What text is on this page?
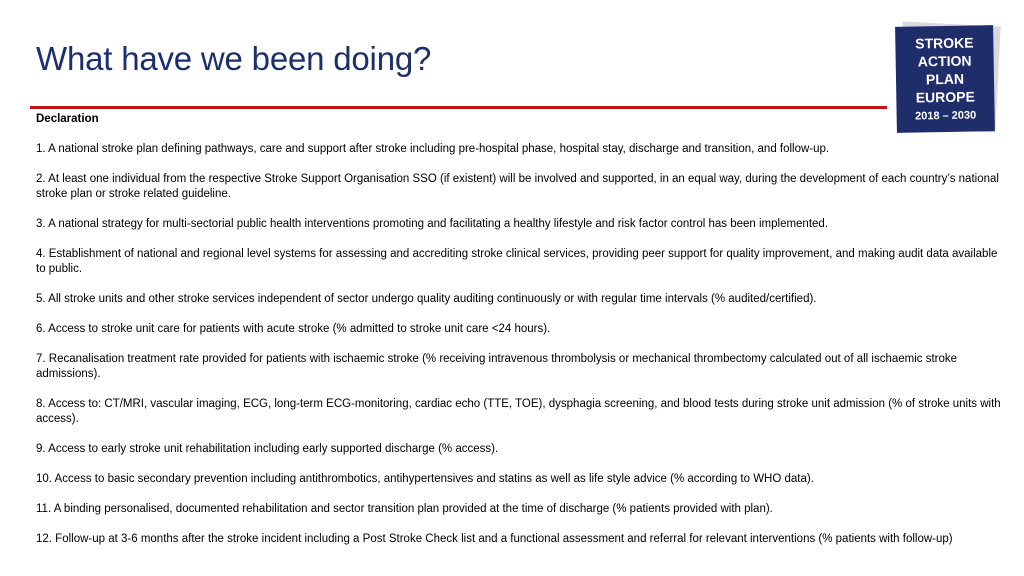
What have we been doing?	STROKE
ACTION
PLAN
EUROPE
2018 – 2030

Declaration

1. A national stroke plan defining pathways, care and support after stroke including pre-hospital phase, hospital stay, discharge and transition, and follow-up.

2. At least one individual from the respective Stroke Support Organisation SSO (if existent) will be involved and supported, in an equal way, during the development of each country’s national stroke plan or stroke related guideline.

3. A national strategy for multi-sectorial public health interventions promoting and facilitating a healthy lifestyle and risk factor control has been implemented.

4. Establishment of national and regional level systems for assessing and accrediting stroke clinical services, providing peer support for quality improvement, and making audit data available to public.

5. All stroke units and other stroke services independent of sector undergo quality auditing continuously or with regular time intervals (% audited/certified).

6. Access to stroke unit care for patients with acute stroke (% admitted to stroke unit care <24 hours).

7. Recanalisation treatment rate provided for patients with ischaemic stroke (% receiving intravenous thrombolysis or mechanical thrombectomy calculated out of all ischaemic stroke admissions).

8. Access to: CT/MRI, vascular imaging, ECG, long-term ECG-monitoring, cardiac echo (TTE, TOE), dysphagia screening, and blood tests during stroke unit admission (% of stroke units with access).

9. Access to early stroke unit rehabilitation including early supported discharge (% access).

10. Access to basic secondary prevention including antithrombotics, antihypertensives and statins as well as life style advice (% according to WHO data).

11. A binding personalised, documented rehabilitation and sector transition plan provided at the time of discharge (% patients provided with plan).

12. Follow-up at 3-6 months after the stroke incident including a Post Stroke Check list and a functional assessment and referral for relevant interventions (% patients with follow-up)
